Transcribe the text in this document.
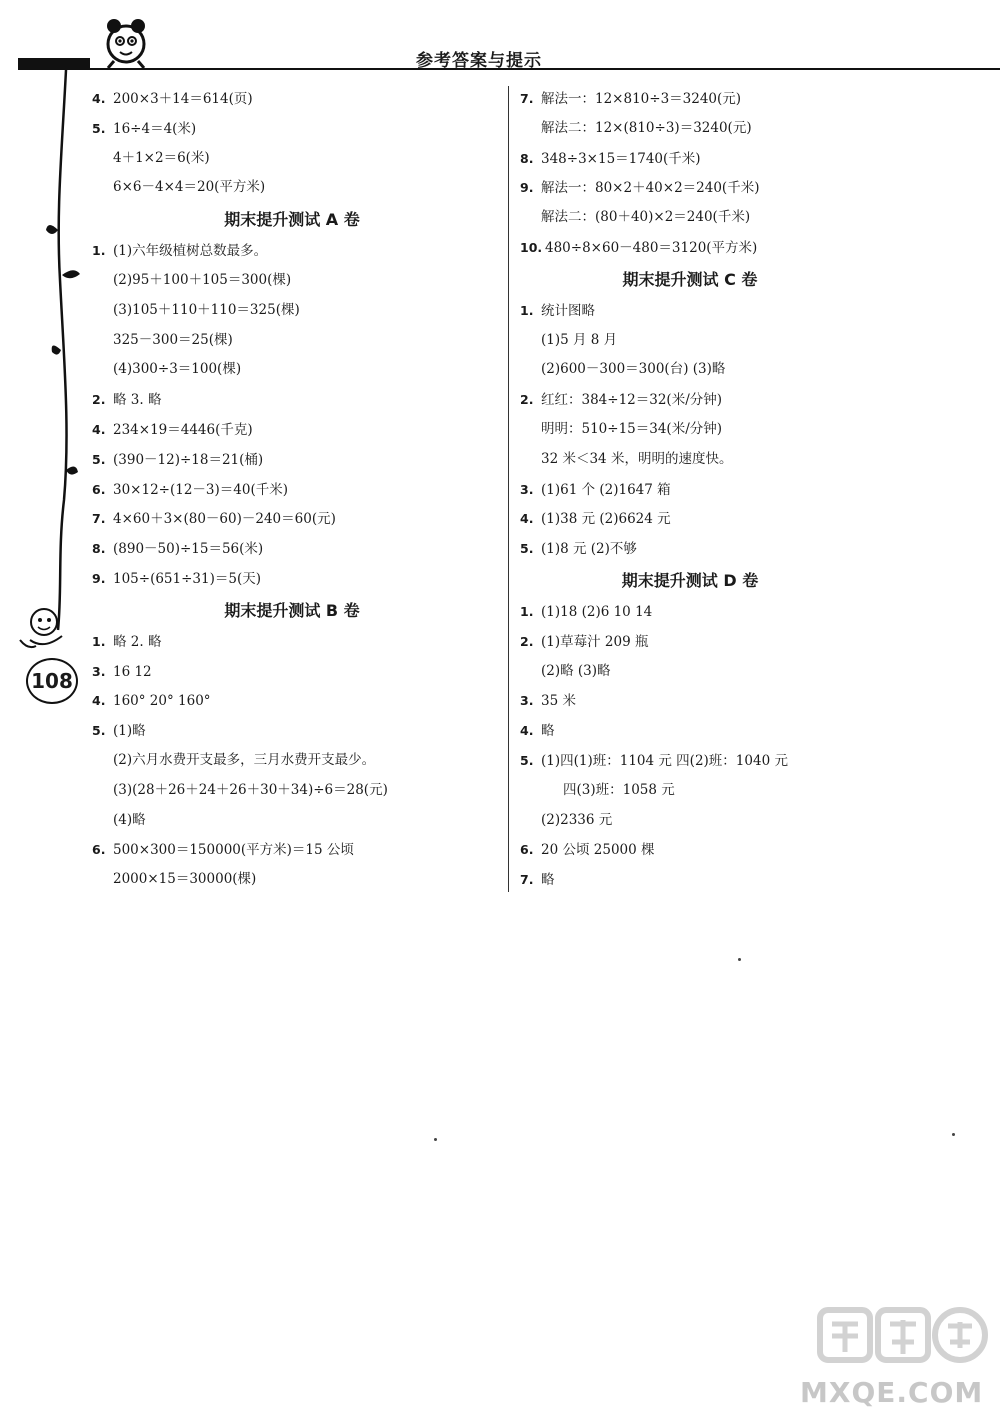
参考答案与提示
108
4. 200×3＋14＝614(页)
5. 16÷4＝4(米)
4＋1×2＝6(米)
6×6－4×4＝20(平方米)
期末提升测试 A 卷
1. (1)六年级植树总数最多。
(2)95＋100＋105＝300(棵)
(3)105＋110＋110＝325(棵)
325－300＝25(棵)
(4)300÷3＝100(棵)
2. 略 3. 略
4. 234×19＝4446(千克)
5. (390－12)÷18＝21(桶)
6. 30×12÷(12－3)＝40(千米)
7. 4×60＋3×(80－60)－240＝60(元)
8. (890－50)÷15＝56(米)
9. 105÷(651÷31)＝5(天)
期末提升测试 B 卷
1. 略 2. 略
3. 16 12
4. 160° 20° 160°
5. (1)略
(2)六月水费开支最多，三月水费开支最少。
(3)(28＋26＋24＋26＋30＋34)÷6＝28(元)
(4)略
6. 500×300＝150000(平方米)＝15 公顷
2000×15＝30000(棵)
7. 解法一：12×810÷3＝3240(元)
解法二：12×(810÷3)＝3240(元)
8. 348÷3×15＝1740(千米)
9. 解法一：80×2＋40×2＝240(千米)
解法二：(80＋40)×2＝240(千米)
10. 480÷8×60－480＝3120(平方米)
期末提升测试 C 卷
1. 统计图略
(1)5 月 8 月
(2)600－300＝300(台) (3)略
2. 红红：384÷12＝32(米/分钟)
明明：510÷15＝34(米/分钟)
32 米＜34 米，明明的速度快。
3. (1)61 个 (2)1647 箱
4. (1)38 元 (2)6624 元
5. (1)8 元 (2)不够
期末提升测试 D 卷
1. (1)18 (2)6 10 14
2. (1)草莓汁 209 瓶
(2)略 (3)略
3. 35 米
4. 略
5. (1)四(1)班：1104 元 四(2)班：1040 元
四(3)班：1058 元
(2)2336 元
6. 20 公顷 25000 棵
7. 略
MXQE.COM
